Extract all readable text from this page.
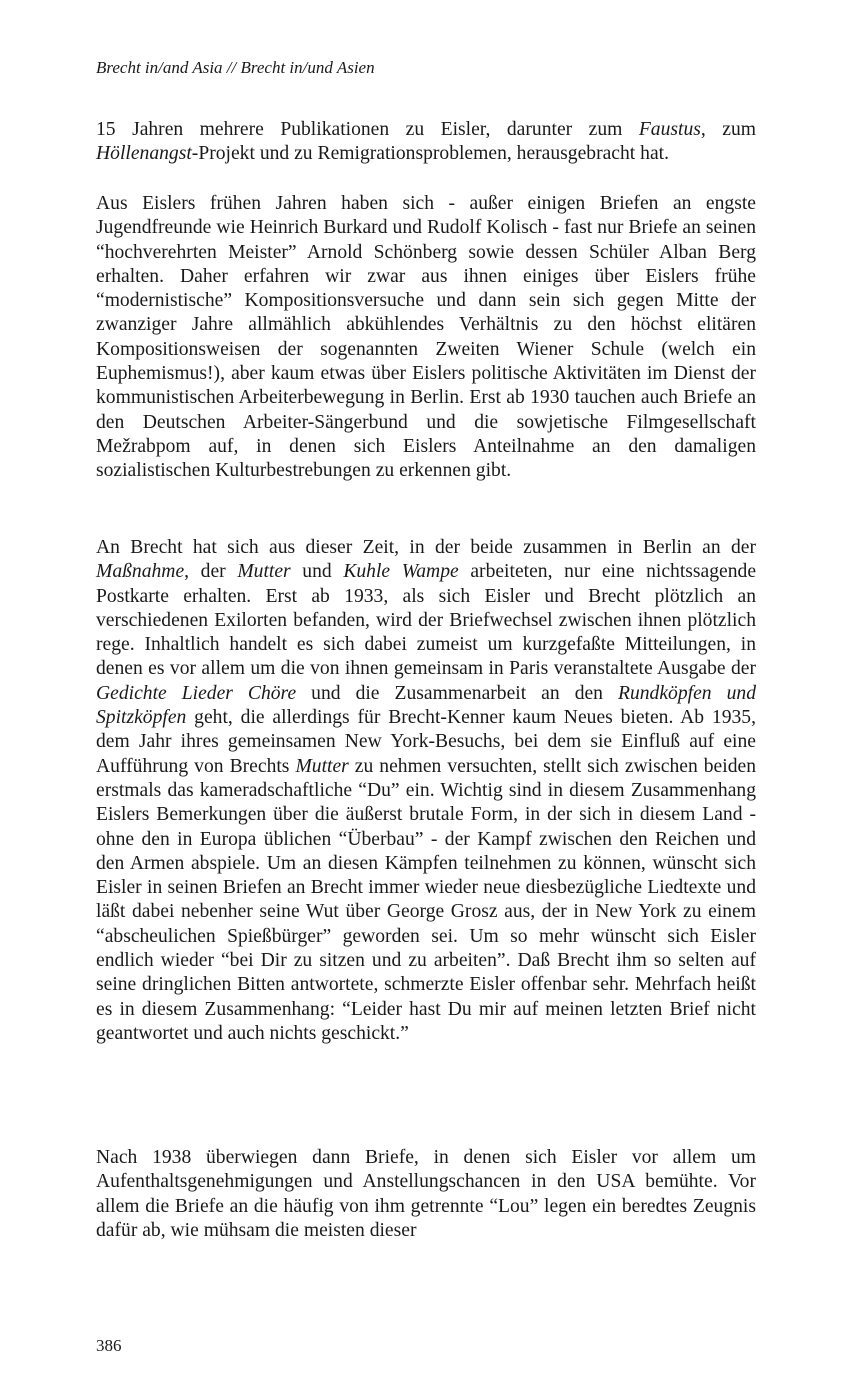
Brecht in/and Asia // Brecht in/und Asien

15 Jahren mehrere Publikationen zu Eisler, darunter zum Faustus, zum Höllenangst-Projekt und zu Remigrationsproblemen, herausgebracht hat.

Aus Eislers frühen Jahren haben sich - außer einigen Briefen an engste Jugendfreunde wie Heinrich Burkard und Rudolf Kolisch - fast nur Briefe an seinen “hochverehrten Meister” Arnold Schönberg sowie dessen Schüler Alban Berg erhalten. Daher erfahren wir zwar aus ihnen einiges über Eislers frühe “modernistische” Kompositionsversuche und dann sein sich gegen Mitte der zwanziger Jahre allmählich abkühlendes Verhältnis zu den höchst elitären Kompositionsweisen der sogenannten Zweiten Wiener Schule (welch ein Euphemismus!), aber kaum etwas über Eislers politische Aktivitäten im Dienst der kommunistischen Arbeiterbewegung in Berlin. Erst ab 1930 tauchen auch Briefe an den Deutschen Arbeiter-Sängerbund und die sowjetische Filmgesellschaft Mežrabpom auf, in denen sich Eislers Anteilnahme an den damaligen sozialistischen Kulturbestrebungen zu erkennen gibt.

An Brecht hat sich aus dieser Zeit, in der beide zusammen in Berlin an der Maßnahme, der Mutter und Kuhle Wampe arbeiteten, nur eine nichtssagende Postkarte erhalten. Erst ab 1933, als sich Eisler und Brecht plötzlich an verschiedenen Exilorten befanden, wird der Briefwechsel zwischen ihnen plötzlich rege. Inhaltlich handelt es sich dabei zumeist um kurzgefaßte Mitteilungen, in denen es vor allem um die von ihnen gemeinsam in Paris veranstaltete Ausgabe der Gedichte Lieder Chöre und die Zusammenarbeit an den Rundköpfen und Spitzköpfen geht, die allerdings für Brecht-Kenner kaum Neues bieten. Ab 1935, dem Jahr ihres gemeinsamen New York-Besuchs, bei dem sie Einfluß auf eine Aufführung von Brechts Mutter zu nehmen versuchten, stellt sich zwischen beiden erstmals das kameradschaftliche “Du” ein. Wichtig sind in diesem Zusammenhang Eislers Bemerkungen über die äußerst brutale Form, in der sich in diesem Land - ohne den in Europa üblichen “Überbau” - der Kampf zwischen den Reichen und den Armen abspiele. Um an diesen Kämpfen teilnehmen zu können, wünscht sich Eisler in seinen Briefen an Brecht immer wieder neue diesbezügliche Liedtexte und läßt dabei nebenher seine Wut über George Grosz aus, der in New York zu einem “abscheulichen Spießbürger” geworden sei. Um so mehr wünscht sich Eisler endlich wieder “bei Dir zu sitzen und zu arbeiten”. Daß Brecht ihm so selten auf seine dringlichen Bitten antwortete, schmerzte Eisler offenbar sehr. Mehrfach heißt es in diesem Zusammenhang: “Leider hast Du mir auf meinen letzten Brief nicht geantwortet und auch nichts geschickt.”

Nach 1938 überwiegen dann Briefe, in denen sich Eisler vor allem um Aufenthaltsgenehmigungen und Anstellungschancen in den USA bemühte. Vor allem die Briefe an die häufig von ihm getrennte “Lou” legen ein beredtes Zeugnis dafür ab, wie mühsam die meisten dieser

386
